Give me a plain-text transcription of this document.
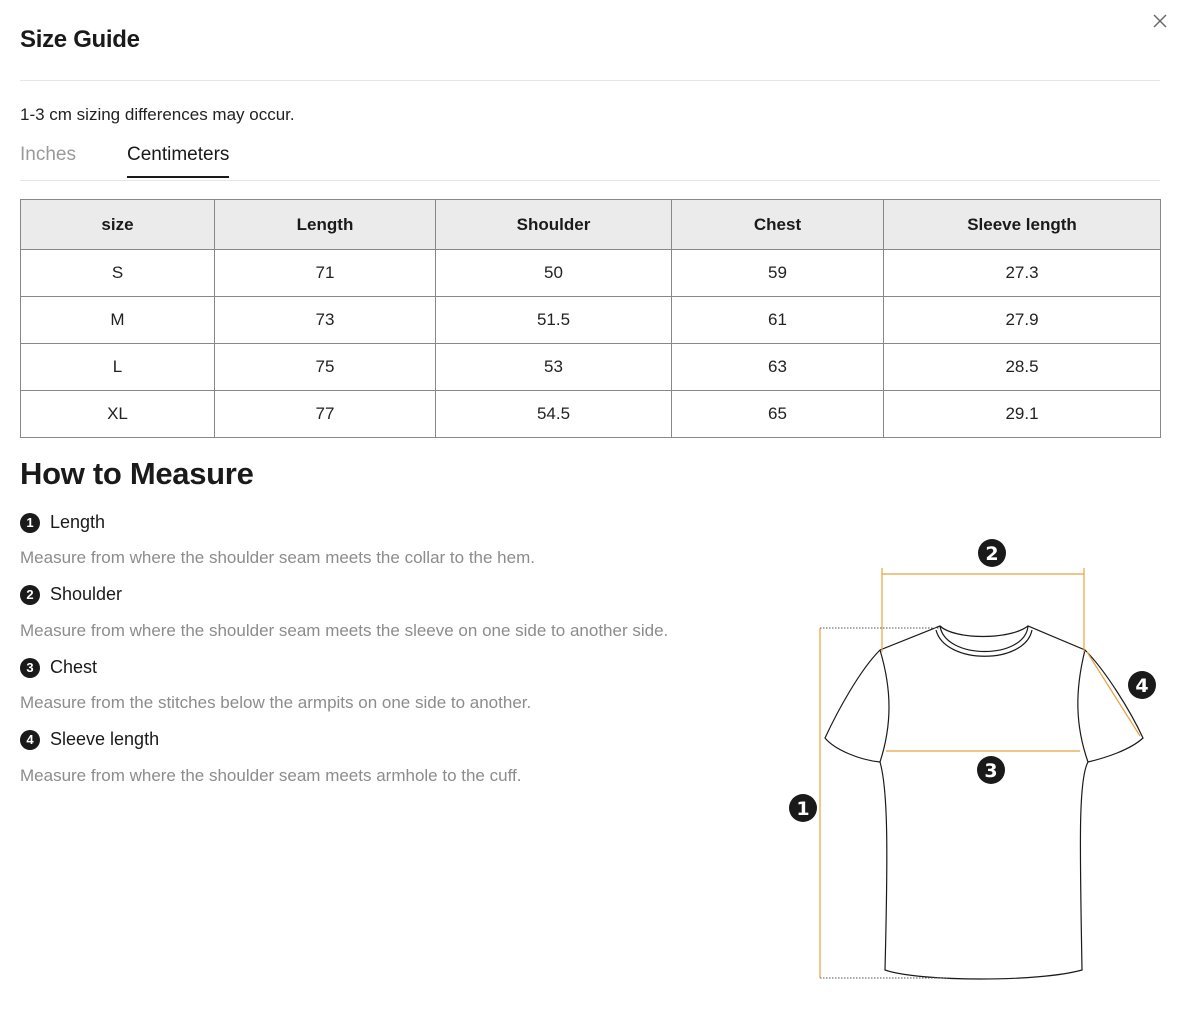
Size Guide
1-3 cm sizing differences may occur.
Inches	Centimeters
size	Length	Shoulder	Chest	Sleeve length
S	71	50	59	27.3
M	73	51.5	61	27.9
L	75	53	63	28.5
XL	77	54.5	65	29.1
How to Measure
1 Length
Measure from where the shoulder seam meets the collar to the hem.
2 Shoulder
Measure from where the shoulder seam meets the sleeve on one side to another side.
3 Chest
Measure from the stitches below the armpits on one side to another.
4 Sleeve length
Measure from where the shoulder seam meets armhole to the cuff.
1
2
3
4
